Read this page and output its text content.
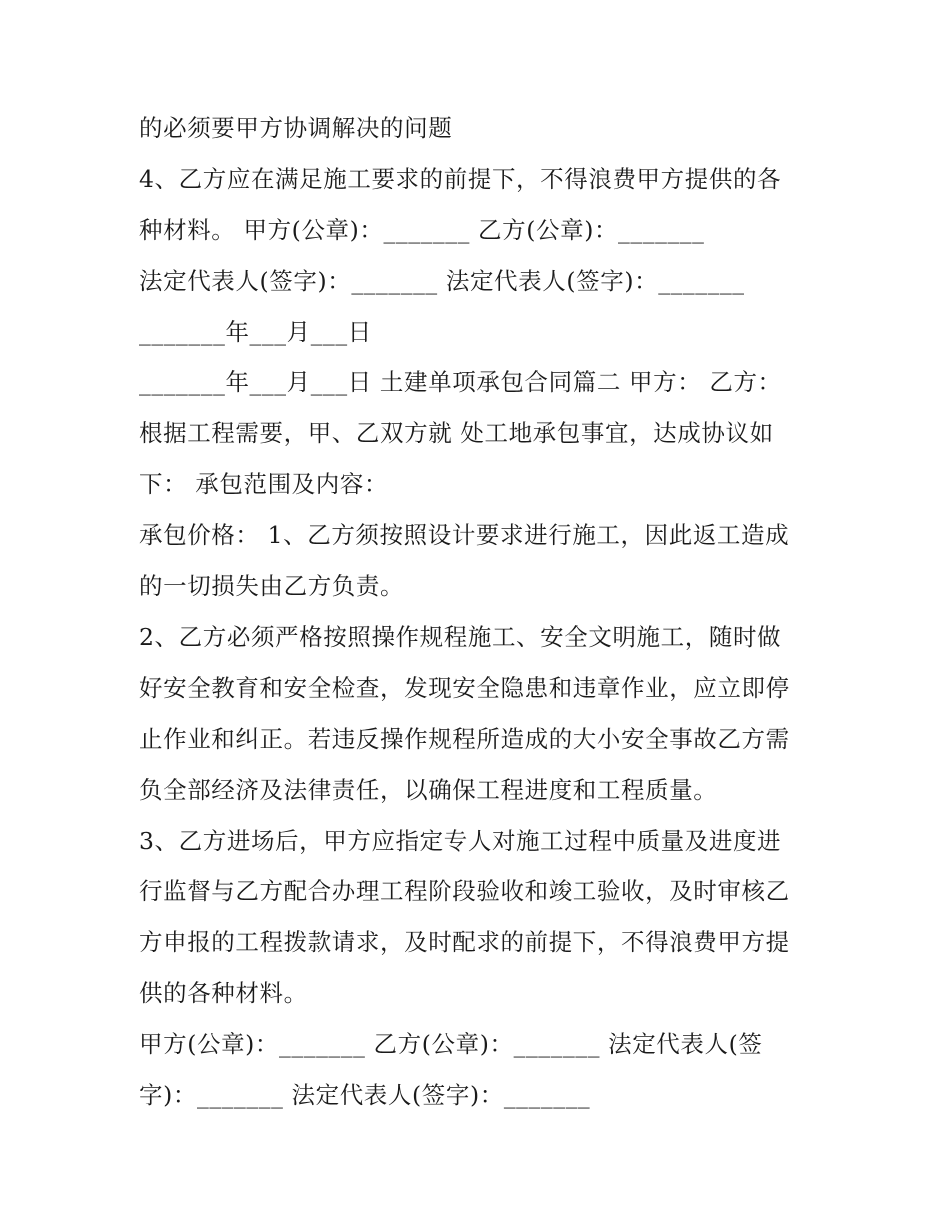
的必须要甲方协调解决的问题

4、乙方应在满足施工要求的前提下，不得浪费甲方提供的各

种材料。 甲方(公章)：_______ 乙方(公章)：_______

法定代表人(签字)：_______ 法定代表人(签字)：_______

_______年___月___日

_______年___月___日 土建单项承包合同篇二 甲方： 乙方：

根据工程需要，甲、乙双方就 处工地承包事宜，达成协议如

下： 承包范围及内容：

承包价格： 1、乙方须按照设计要求进行施工，因此返工造成

的一切损失由乙方负责。

2、乙方必须严格按照操作规程施工、安全文明施工，随时做

好安全教育和安全检查，发现安全隐患和违章作业，应立即停

止作业和纠正。若违反操作规程所造成的大小安全事故乙方需

负全部经济及法律责任，以确保工程进度和工程质量。

3、乙方进场后，甲方应指定专人对施工过程中质量及进度进

行监督与乙方配合办理工程阶段验收和竣工验收，及时审核乙

方申报的工程拨款请求，及时配求的前提下，不得浪费甲方提

供的各种材料。

甲方(公章)：_______ 乙方(公章)：_______ 法定代表人(签

字)：_______ 法定代表人(签字)：_______
